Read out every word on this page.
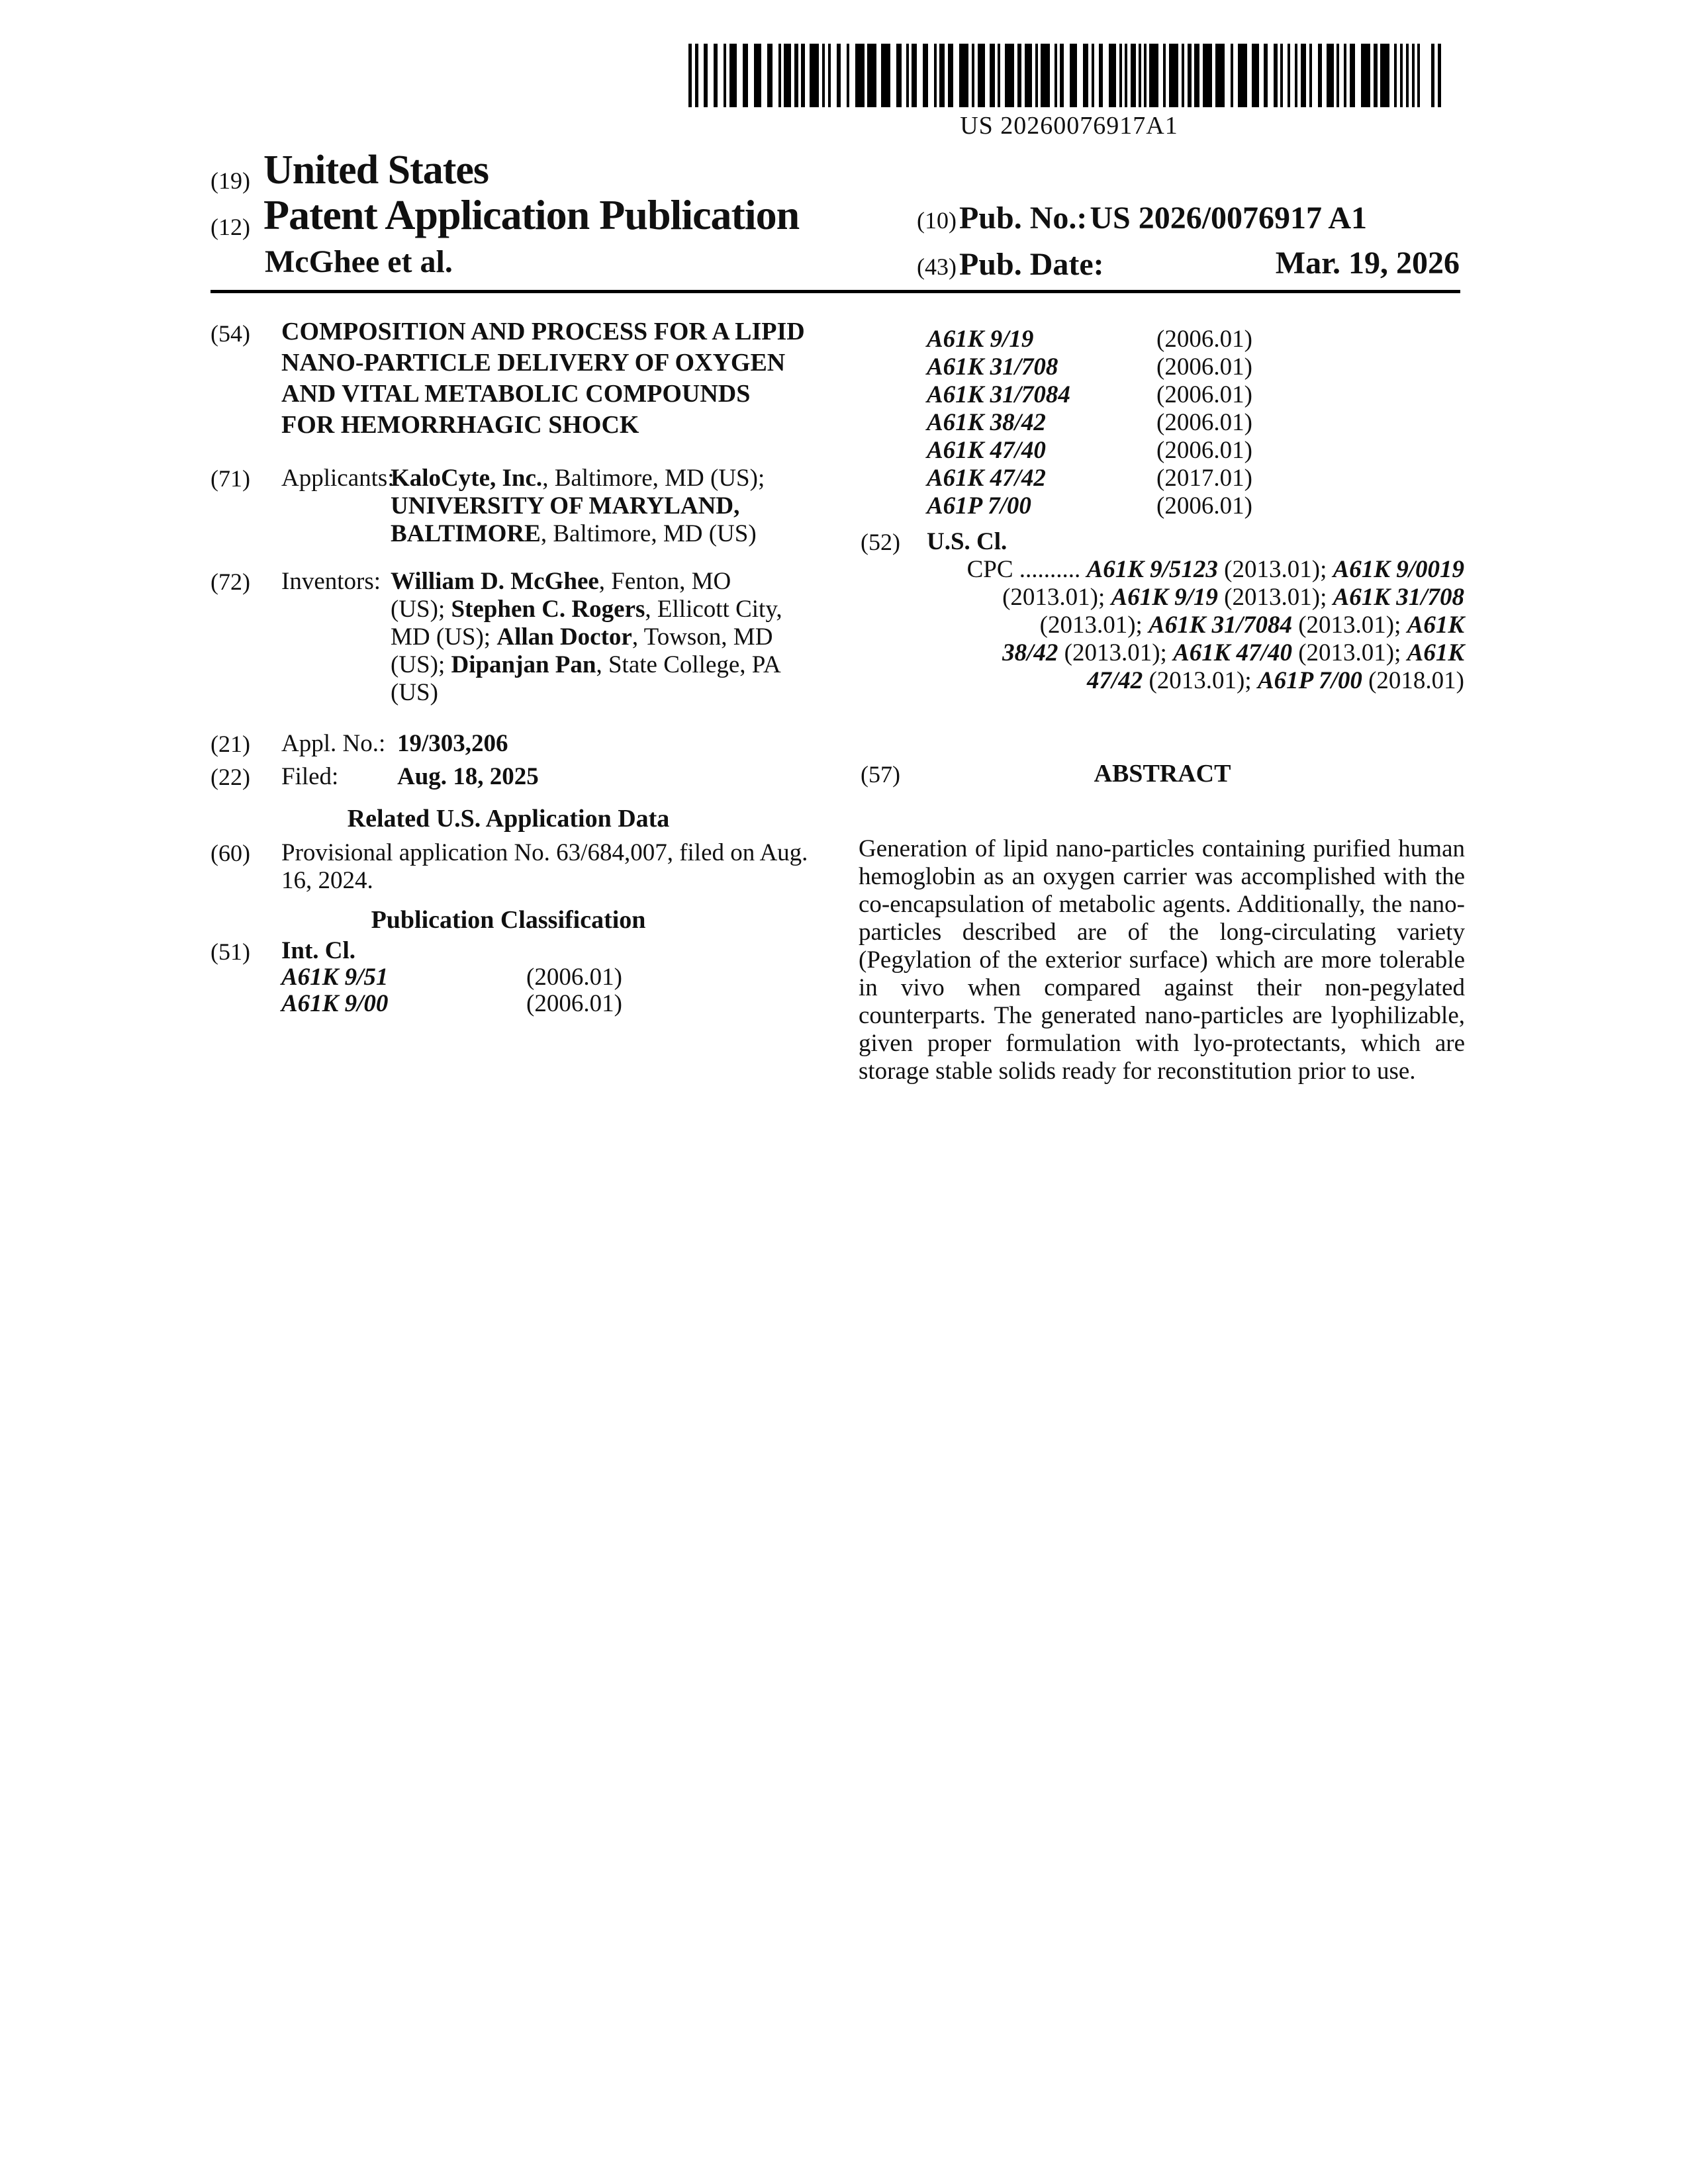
US 20260076917A1
(19) United States
(12) Patent Application Publication
McGhee et al.
(10) Pub. No.: US 2026/0076917 A1
(43) Pub. Date:	Mar. 19, 2026
(54)	COMPOSITION AND PROCESS FOR A LIPID NANO-PARTICLE DELIVERY OF OXYGEN AND VITAL METABOLIC COMPOUNDS FOR HEMORRHAGIC SHOCK
(71)	Applicants:
KaloCyte, Inc., Baltimore, MD (US); UNIVERSITY OF MARYLAND, BALTIMORE, Baltimore, MD (US)
(72)	Inventors: William D. McGhee, Fenton, MO (US); Stephen C. Rogers, Ellicott City, MD (US); Allan Doctor, Towson, MD (US); Dipanjan Pan, State College, PA (US)
(21) Appl. No.: 19/303,206
(22) Filed: Aug. 18, 2025
Related U.S. Application Data
(60)	Provisional application No. 63/684,007, filed on Aug. 16, 2024.
Publication Classification
(51)	Int. Cl.
A61K 9/51	(2006.01)
A61K 9/00	(2006.01)
A61K 9/19	(2006.01)
A61K 31/708	(2006.01)
A61K 31/7084	(2006.01)
A61K 38/42	(2006.01)
A61K 47/40	(2006.01)
A61K 47/42	(2017.01)
A61P 7/00	(2006.01)
(52)	U.S. Cl.
CPC .......... A61K 9/5123 (2013.01); A61K 9/0019
(2013.01); A61K 9/19 (2013.01); A61K 31/708
(2013.01); A61K 31/7084 (2013.01); A61K
38/42 (2013.01); A61K 47/40 (2013.01); A61K
47/42 (2013.01); A61P 7/00 (2018.01)
(57)	ABSTRACT
Generation of lipid nano-particles containing purified human hemoglobin as an oxygen carrier was accomplished with the co-encapsulation of metabolic agents. Additionally, the nano-particles described are of the long-circulating variety (Pegylation of the exterior surface) which are more tolerable in vivo when compared against their non-pegylated counterparts. The generated nano-particles are lyophilizable, given proper formulation with lyo-protectants, which are storage stable solids ready for reconstitution prior to use.
